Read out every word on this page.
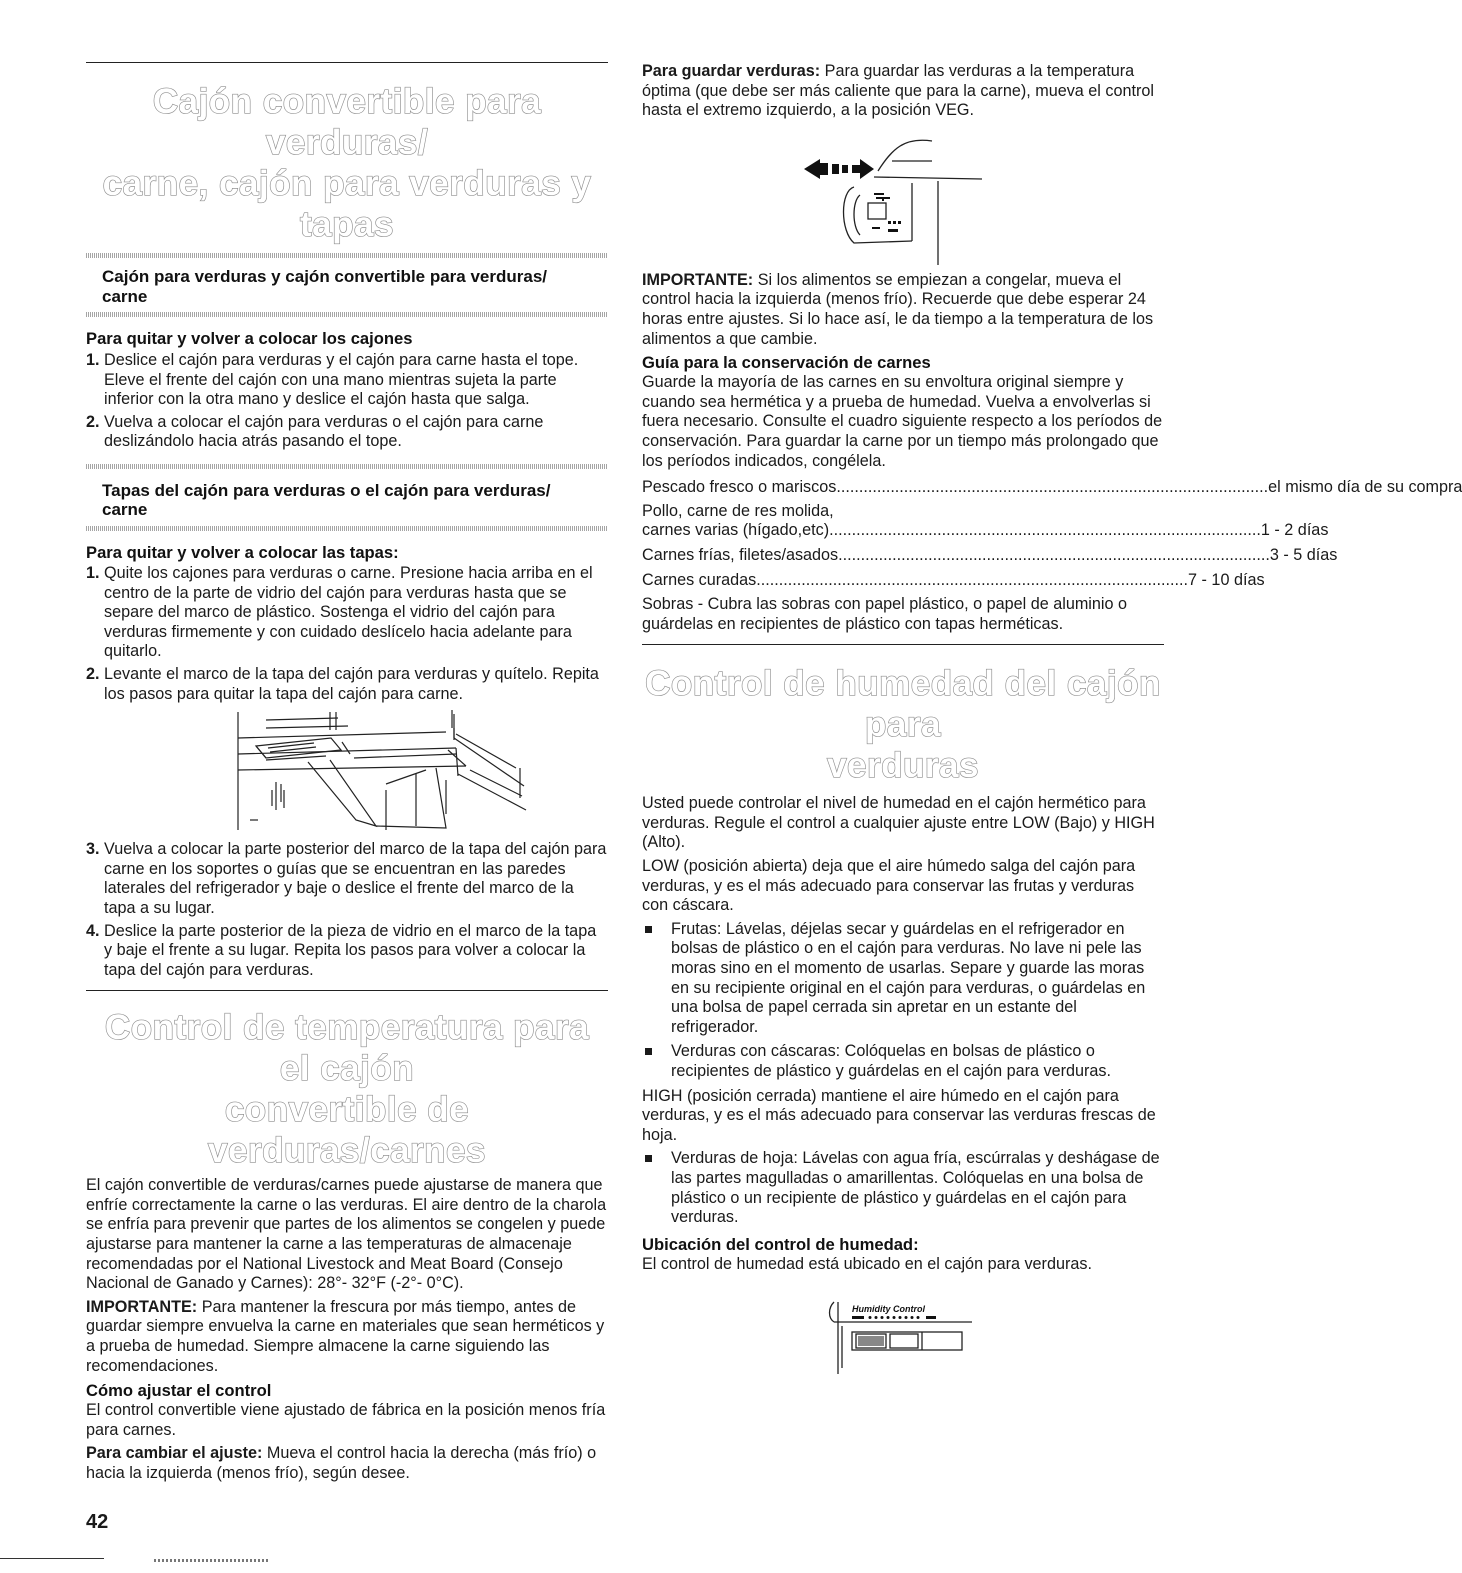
Cajón convertible para verduras/
carne, cajón para verduras y tapas
Cajón para verduras y cajón convertible para verduras/
carne
Para quitar y volver a colocar los cajones
1. Deslice el cajón para verduras y el cajón para carne hasta el tope. Eleve el frente del cajón con una mano mientras sujeta la parte inferior con la otra mano y deslice el cajón hasta que salga.
2. Vuelva a colocar el cajón para verduras o el cajón para carne deslizándolo hacia atrás pasando el tope.
Tapas del cajón para verduras o el cajón para verduras/
carne
Para quitar y volver a colocar las tapas:
1. Quite los cajones para verduras o carne. Presione hacia arriba en el centro de la parte de vidrio del cajón para verduras hasta que se separe del marco de plástico. Sostenga el vidrio del cajón para verduras firmemente y con cuidado deslícelo hacia adelante para quitarlo.
2. Levante el marco de la tapa del cajón para verduras y quítelo. Repita los pasos para quitar la tapa del cajón para carne.
3. Vuelva a colocar la parte posterior del marco de la tapa del cajón para carne en los soportes o guías que se encuentran en las paredes laterales del refrigerador y baje o deslice el frente del marco de la tapa a su lugar.
4. Deslice la parte posterior de la pieza de vidrio en el marco de la tapa y baje el frente a su lugar. Repita los pasos para volver a colocar la tapa del cajón para verduras.
Control de temperatura para el cajón
convertible de verduras/carnes

El cajón convertible de verduras/carnes puede ajustarse de manera que enfríe correctamente la carne o las verduras. El aire dentro de la charola se enfría para prevenir que partes de los alimentos se congelen y puede ajustarse para mantener la carne a las temperaturas de almacenaje recomendadas por el National Livestock and Meat Board (Consejo Nacional de Ganado y Carnes): 28°- 32°F (-2°- 0°C).

IMPORTANTE: Para mantener la frescura por más tiempo, antes de guardar siempre envuelva la carne en materiales que sean herméticos y a prueba de humedad. Siempre almacene la carne siguiendo las recomendaciones.

Cómo ajustar el control

El control convertible viene ajustado de fábrica en la posición menos fría para carnes.

Para cambiar el ajuste: Mueva el control hacia la derecha (más frío) o hacia la izquierda (menos frío), según desee.

Para guardar verduras: Para guardar las verduras a la temperatura óptima (que debe ser más caliente que para la carne), mueva el control hasta el extremo izquierdo, a la posición VEG.

IMPORTANTE: Si los alimentos se empiezan a congelar, mueva el control hacia la izquierda (menos frío). Recuerde que debe esperar 24 horas entre ajustes. Si lo hace así, le da tiempo a la temperatura de los alimentos a que cambie.

Guía para la conservación de carnes

Guarde la mayoría de las carnes en su envoltura original siempre y cuando sea hermética y a prueba de humedad. Vuelva a envolverlas si fuera necesario. Consulte el cuadro siguiente respecto a los períodos de conservación. Para guardar la carne por un tiempo más prolongado que los períodos indicados, congélela.

Pescado fresco o mariscos ................................................................................................ el mismo día de su compra
Pollo, carne de res molida,
carnes varias (hígado,etc) ................................................................................................ 1 - 2 días
Carnes frías, filetes/asados ................................................................................................ 3 - 5 días
Carnes curadas ................................................................................................ 7 - 10 días

Sobras - Cubra las sobras con papel plástico, o papel de aluminio o guárdelas en recipientes de plástico con tapas herméticas.

Control de humedad del cajón para
verduras

Usted puede controlar el nivel de humedad en el cajón hermético para verduras. Regule el control a cualquier ajuste entre LOW (Bajo) y HIGH (Alto).

LOW (posición abierta) deja que el aire húmedo salga del cajón para verduras, y es el más adecuado para conservar las frutas y verduras con cáscara.

Frutas: Lávelas, déjelas secar y guárdelas en el refrigerador en bolsas de plástico o en el cajón para verduras. No lave ni pele las moras sino en el momento de usarlas. Separe y guarde las moras en su recipiente original en el cajón para verduras, o guárdelas en una bolsa de papel cerrada sin apretar en un estante del refrigerador.
Verduras con cáscaras: Colóquelas en bolsas de plástico o recipientes de plástico y guárdelas en el cajón para verduras.

HIGH (posición cerrada) mantiene el aire húmedo en el cajón para verduras, y es el más adecuado para conservar las verduras frescas de hoja.

Verduras de hoja: Lávelas con agua fría, escúrralas y deshágase de las partes magulladas o amarillentas. Colóquelas en una bolsa de plástico o un recipiente de plástico y guárdelas en el cajón para verduras.
Ubicación del control de humedad:

El control de humedad está ubicado en el cajón para verduras.

Humidity Control
42
